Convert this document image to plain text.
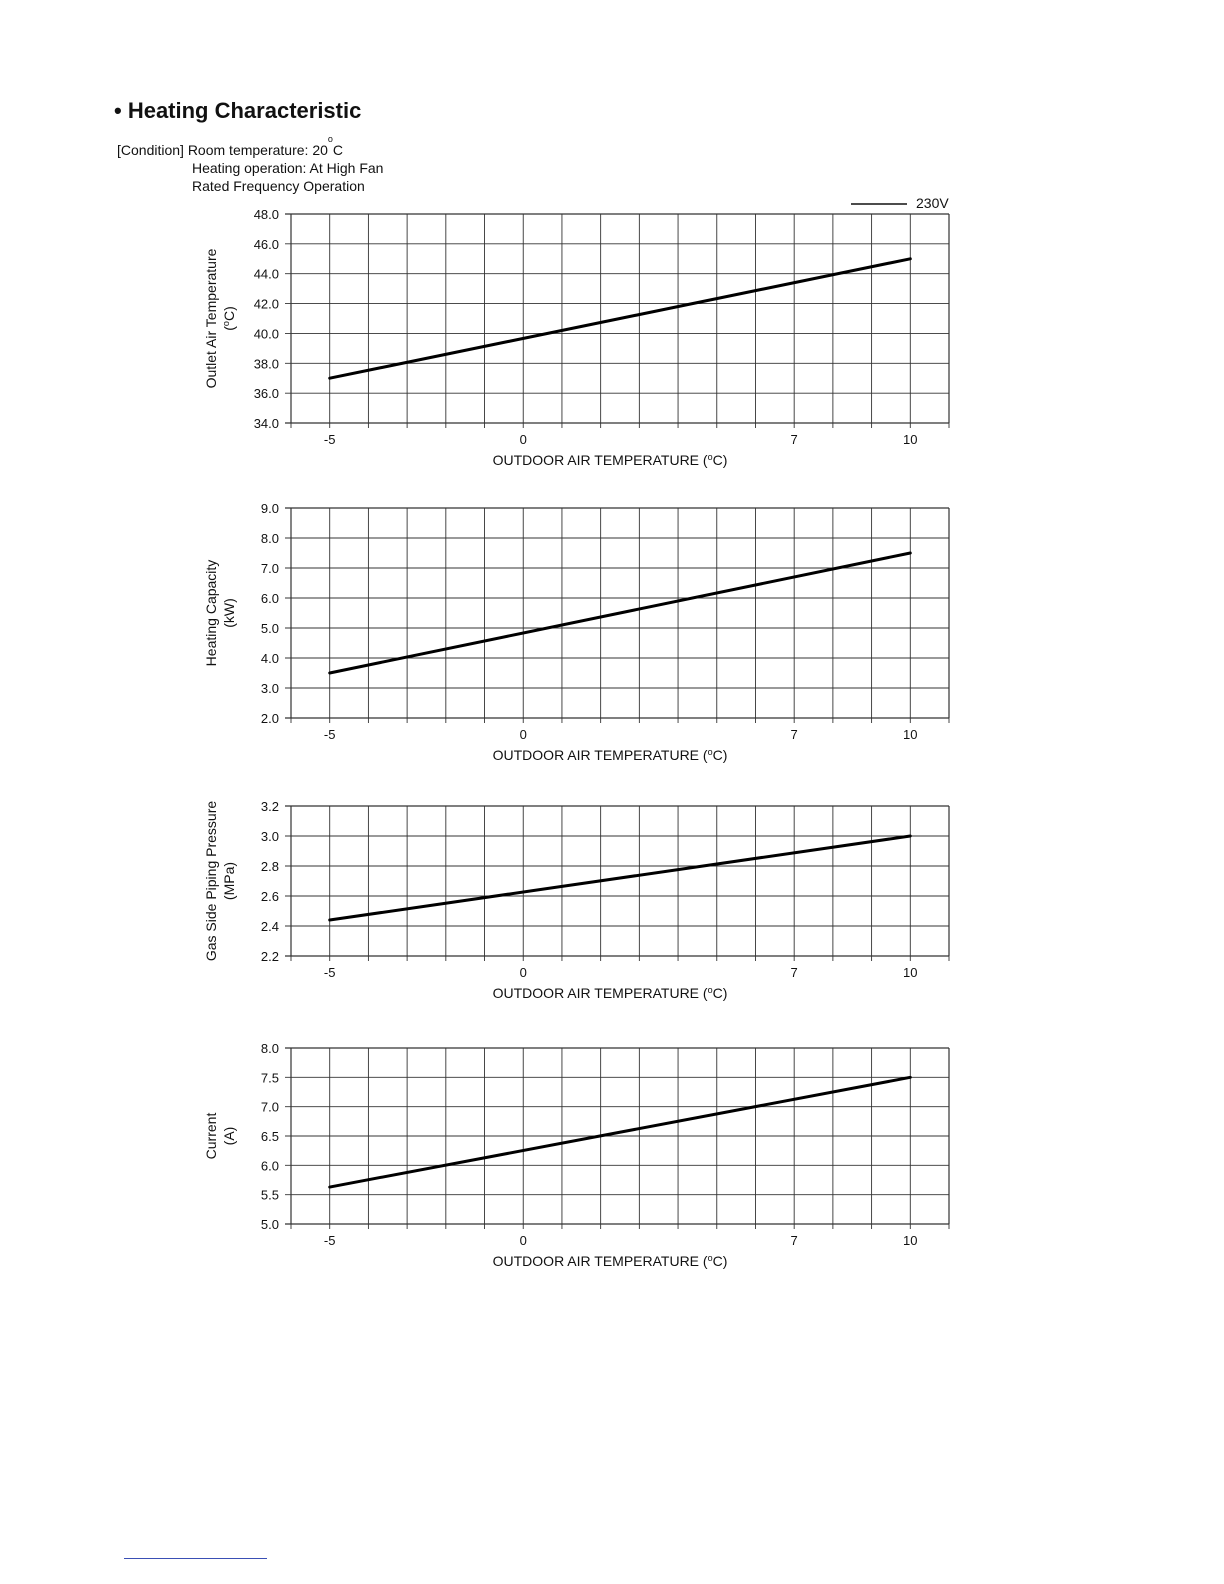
• Heating Characteristic

[Condition] Room temperature: 20$^o$C

Heating operation: At High Fan

Rated Frequency Operation

230V
34.0
36.0
38.0
40.0
42.0
44.0
46.0
48.0
-5	0	7	10
OUTDOOR AIR TEMPERATURE ($^o$C)
Outlet Air Temperature ($^o$C)
2.0
3.0
4.0
5.0
6.0
7.0
8.0
9.0
-5	0	7	10
OUTDOOR AIR TEMPERATURE ($^o$C)
Heating Capacity (kW)
2.2
2.4
2.6
2.8
3.0
3.2
-5	0	7	10
OUTDOOR AIR TEMPERATURE ($^o$C)
Gas Side Piping Pressure (MPa)
5.0
5.5
6.0
6.5
7.0
7.5
8.0
-5	0	7	10
OUTDOOR AIR TEMPERATURE ($^o$C)
Current (A)
